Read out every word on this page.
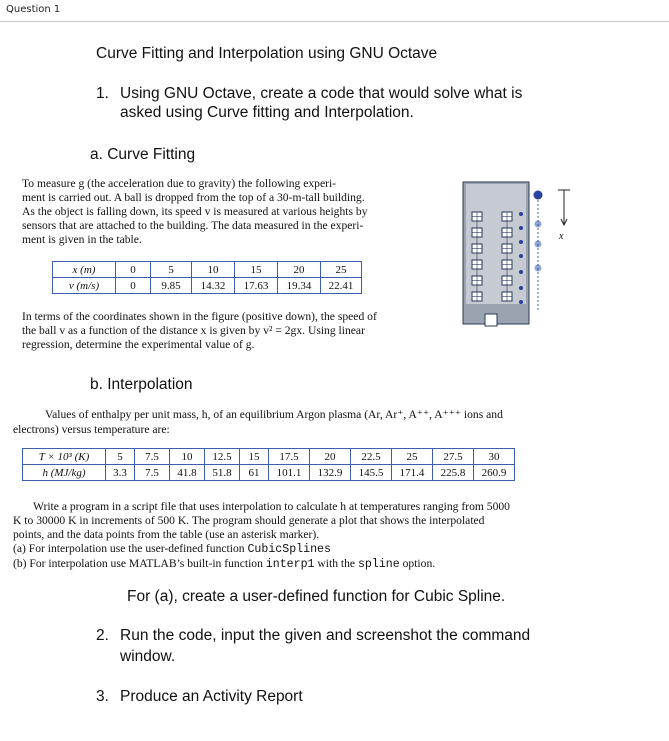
Question 1
Curve Fitting and Interpolation using GNU Octave
1. Using GNU Octave, create a code that would solve what is
asked using Curve fitting and Interpolation.
a. Curve Fitting
To measure g (the acceleration due to gravity) the following experi-
ment is carried out. A ball is dropped from the top of a 30-m-tall building.
As the object is falling down, its speed v is measured at various heights by
sensors that are attached to the building. The data measured in the experi-
ment is given in the table.
x (m)	0	5	10	15	20	25
v (m/s)	0	9.85	14.32	17.63	19.34	22.41
x
In terms of the coordinates shown in the figure (positive down), the speed of
the ball v as a function of the distance x is given by v² = 2gx. Using linear
regression, determine the experimental value of g.
b. Interpolation
Values of enthalpy per unit mass, h, of an equilibrium Argon plasma (Ar, Ar⁺, A⁺⁺, A⁺⁺⁺ ions and
electrons) versus temperature are:
T × 10³ (K)	5	7.5	10	12.5	15	17.5	20	22.5	25	27.5	30
h (MJ/kg)	3.3	7.5	41.8	51.8	61	101.1	132.9	145.5	171.4	225.8	260.9
Write a program in a script file that uses interpolation to calculate h at temperatures ranging from 5000
K to 30000 K in increments of 500 K. The program should generate a plot that shows the interpolated
points, and the data points from the table (use an asterisk marker).
(a) For interpolation use the user-defined function CubicSplines
(b) For interpolation use MATLAB’s built-in function interp1 with the spline option.
For (a), create a user-defined function for Cubic Spline.
2. Run the code, input the given and screenshot the command
window.
3. Produce an Activity Report
